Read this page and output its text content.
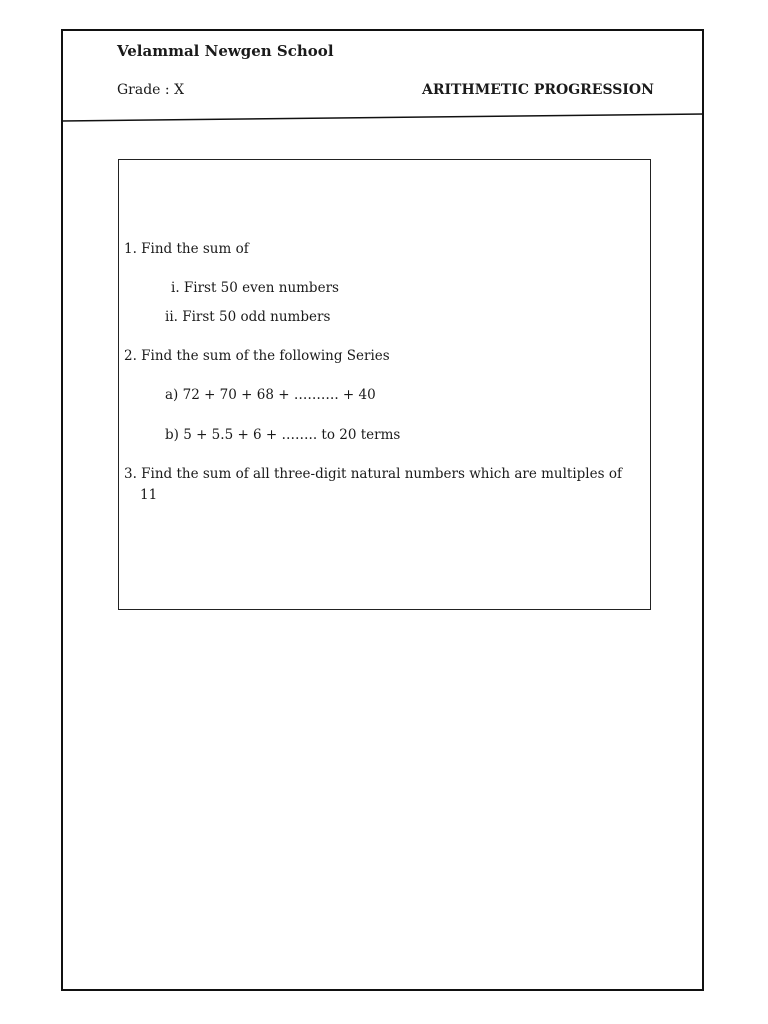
Velammal Newgen School
Grade : X	ARITHMETIC PROGRESSION
1. Find the sum of
i. First 50 even numbers
ii. First 50 odd numbers
2. Find the sum of the following Series
a) 72 + 70 + 68 + ………. + 40
b) 5 + 5.5 + 6 + …….. to 20 terms
3. Find the sum of all three-digit natural numbers which are multiples of
11
